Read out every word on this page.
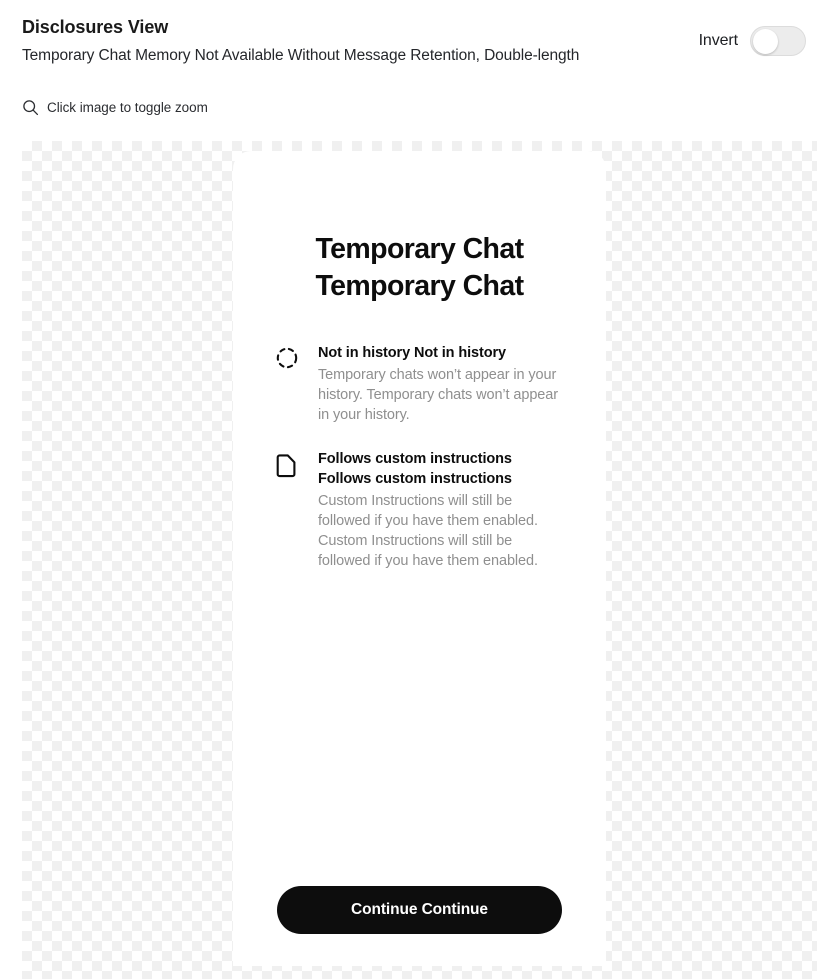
Disclosures View
Temporary Chat Memory Not Available Without Message Retention, Double-length
Invert
Click image to toggle zoom
Temporary Chat Temporary Chat
Not in history Not in history
Temporary chats won’t appear in your history. Temporary chats won’t appear in your history.
Follows custom instructions Follows custom instructions
Custom Instructions will still be followed if you have them enabled. Custom Instructions will still be followed if you have them enabled.
Continue Continue
